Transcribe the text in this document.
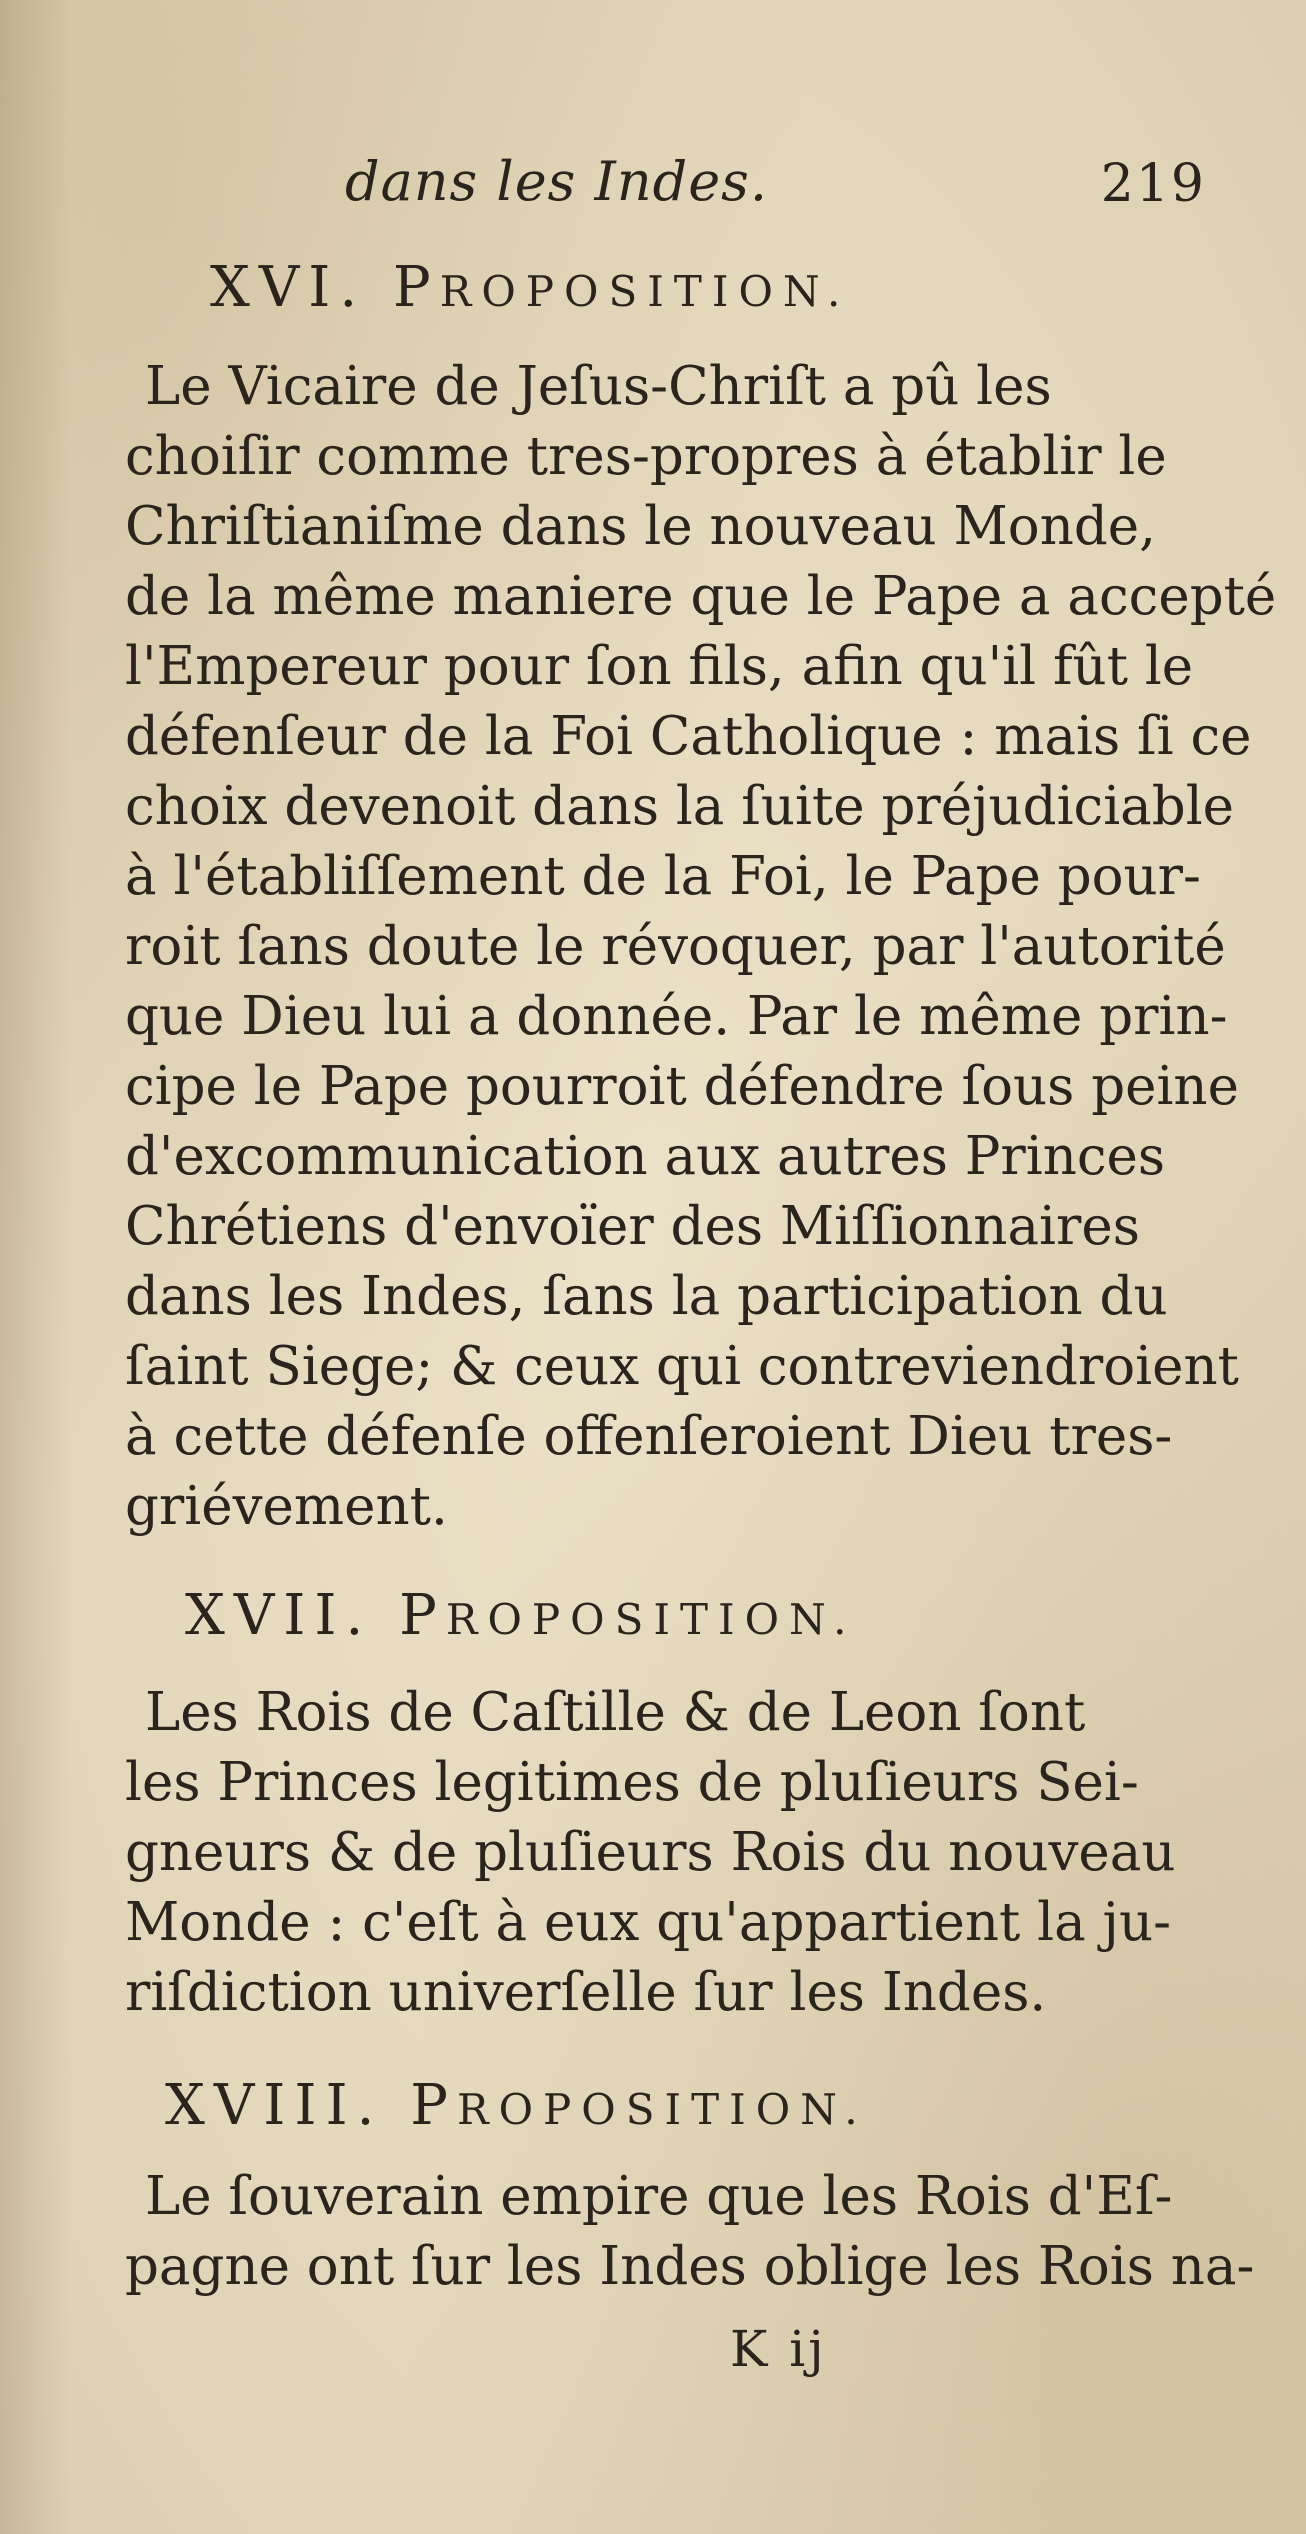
dans les Indes.	219
XVI. PROPOSITION.
Le Vicaire de Jeſus-Chriſt a pû les
choiſir comme tres-propres à établir le
Chriſtianiſme dans le nouveau Monde,
de la même maniere que le Pape a accepté
l'Empereur pour ſon fils, afin qu'il fût le
défenſeur de la Foi Catholique : mais ſi ce
choix devenoit dans la ſuite préjudiciable
à l'établiſſement de la Foi, le Pape pour-
roit ſans doute le révoquer, par l'autorité
que Dieu lui a donnée. Par le même prin-
cipe le Pape pourroit défendre ſous peine
d'excommunication aux autres Princes
Chrétiens d'envoïer des Miſſionnaires
dans les Indes, ſans la participation du
ſaint Siege; & ceux qui contreviendroient
à cette défenſe offenſeroient Dieu tres-
griévement.
XVII. PROPOSITION.
Les Rois de Caſtille & de Leon ſont
les Princes legitimes de pluſieurs Sei-
gneurs & de pluſieurs Rois du nouveau
Monde : c'eſt à eux qu'appartient la ju-
riſdiction univerſelle ſur les Indes.
XVIII. PROPOSITION.
Le ſouverain empire que les Rois d'Eſ-
pagne ont ſur les Indes oblige les Rois na-
K ij
